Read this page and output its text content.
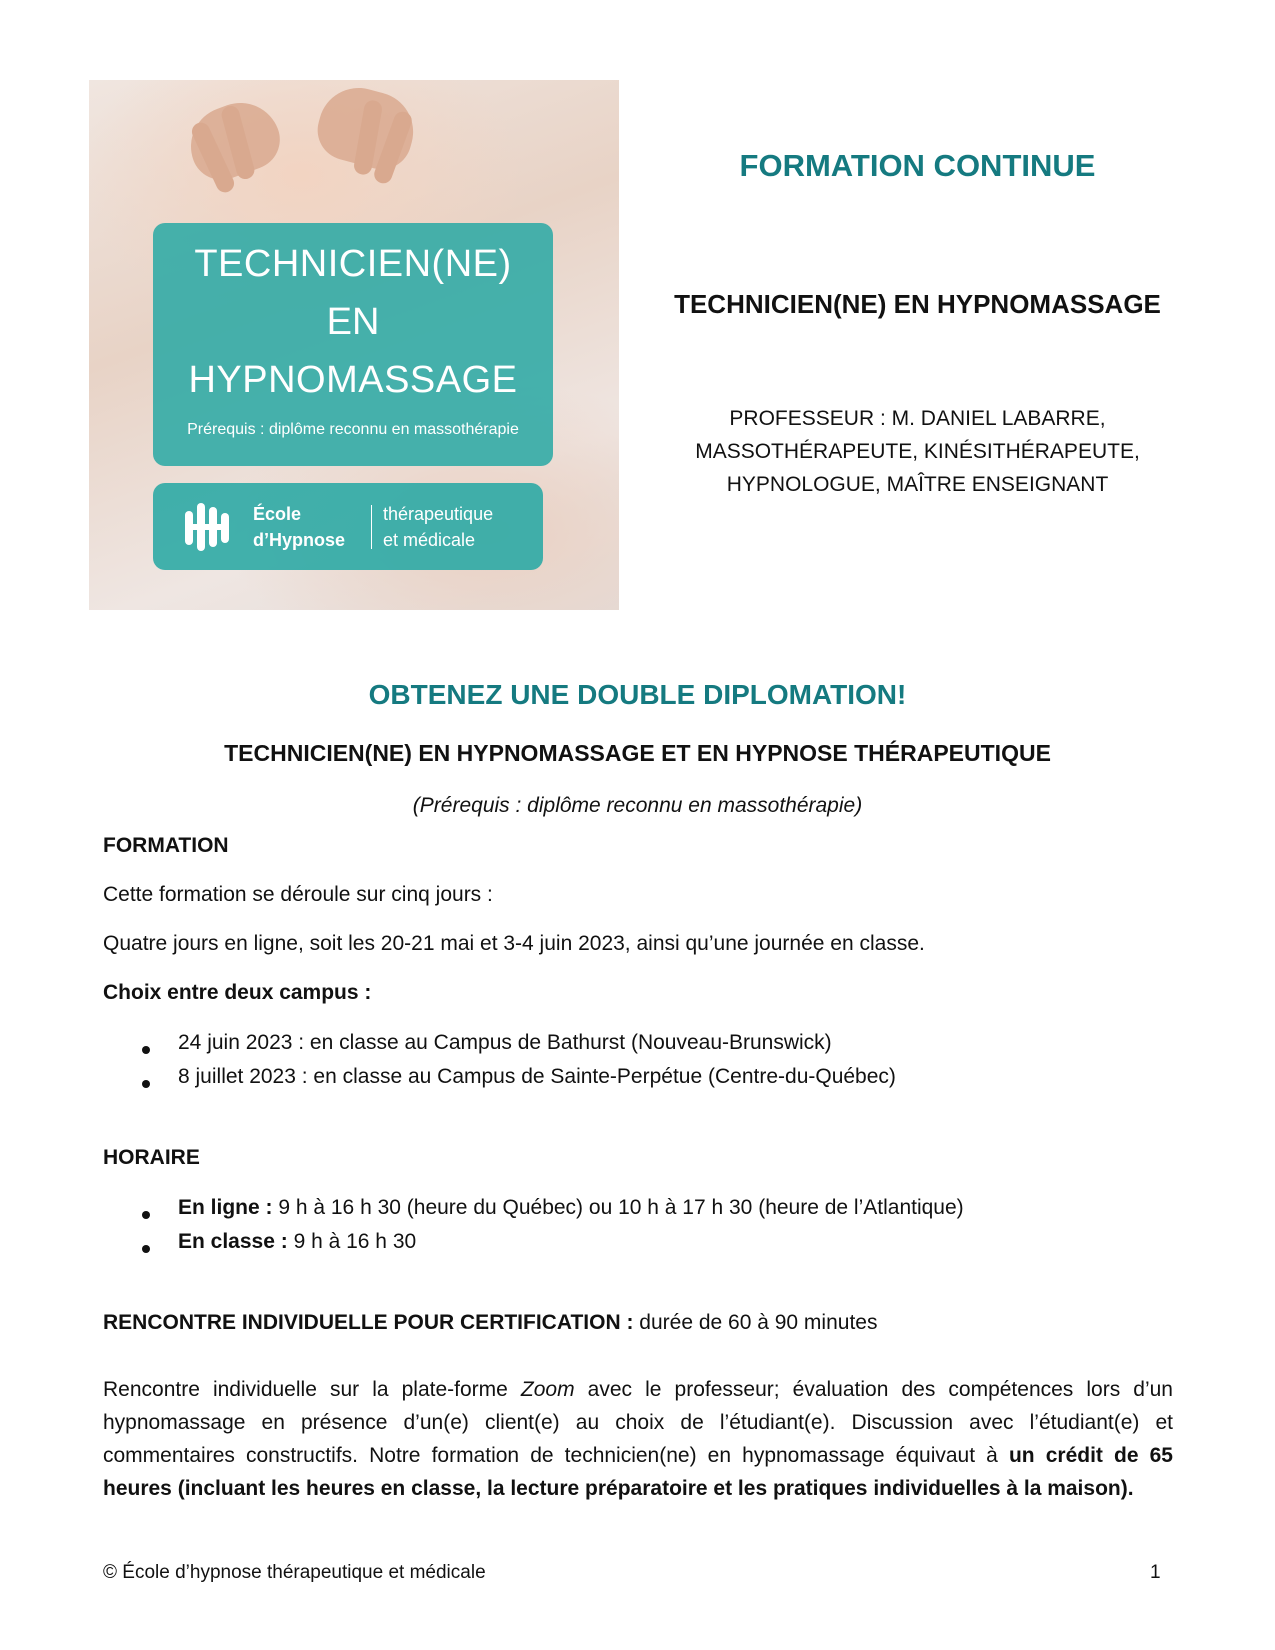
TECHNICIEN(NE)
EN
HYPNOMASSAGE
Prérequis : diplôme reconnu en massothérapie
École
d’Hypnose
thérapeutique
et médicale
FORMATION CONTINUE
TECHNICIEN(NE) EN HYPNOMASSAGE
PROFESSEUR : M. DANIEL LABARRE,
MASSOTHÉRAPEUTE, KINÉSITHÉRAPEUTE,
HYPNOLOGUE, MAÎTRE ENSEIGNANT
OBTENEZ UNE DOUBLE DIPLOMATION!
TECHNICIEN(NE) EN HYPNOMASSAGE ET EN HYPNOSE THÉRAPEUTIQUE
(Prérequis : diplôme reconnu en massothérapie)
FORMATION
Cette formation se déroule sur cinq jours :
Quatre jours en ligne, soit les 20-21 mai et 3-4 juin 2023, ainsi qu’une journée en classe.
Choix entre deux campus :
24 juin 2023 : en classe au Campus de Bathurst (Nouveau-Brunswick)
8 juillet 2023 : en classe au Campus de Sainte-Perpétue (Centre-du-Québec)
HORAIRE
En ligne : 9 h à 16 h 30 (heure du Québec) ou 10 h à 17 h 30 (heure de l’Atlantique)
En classe : 9 h à 16 h 30
RENCONTRE INDIVIDUELLE POUR CERTIFICATION : durée de 60 à 90 minutes
Rencontre individuelle sur la plate-forme Zoom avec le professeur; évaluation des compétences lors d’un hypnomassage en présence d’un(e) client(e) au choix de l’étudiant(e). Discussion avec l’étudiant(e) et commentaires constructifs. Notre formation de technicien(ne) en hypnomassage équivaut à un crédit de 65 heures (incluant les heures en classe, la lecture préparatoire et les pratiques individuelles à la maison).
© École d’hypnose thérapeutique et médicale	1
